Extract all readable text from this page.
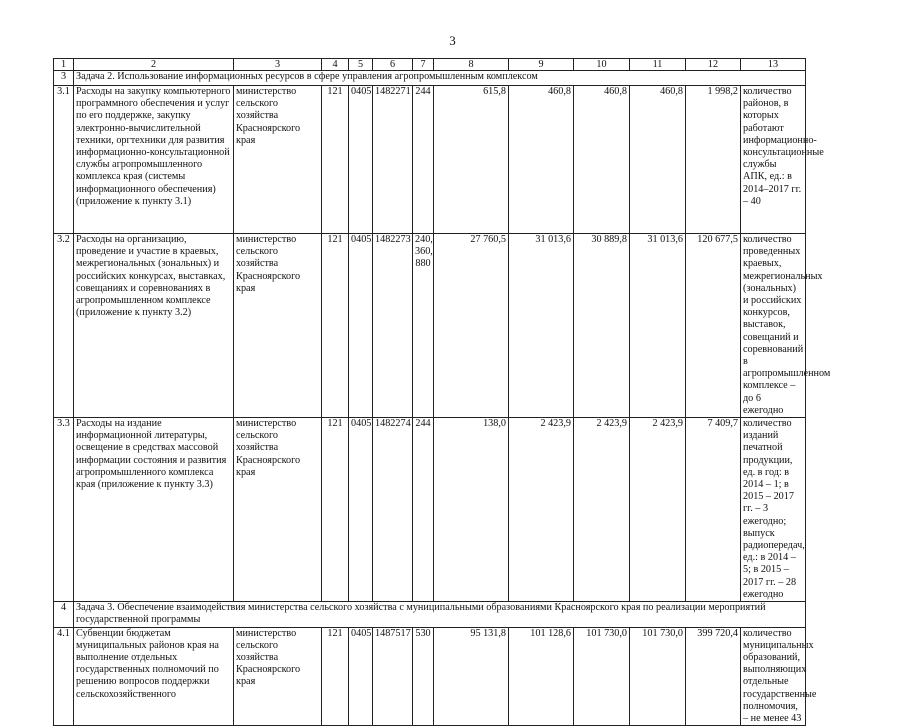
3
1	2	3	4	5	6	7	8	9	10	11	12	13
3	Задача 2. Использование информационных ресурсов в сфере управления агропромышленным комплексом											
3.1	Расходы на закупку компьютерного программного обеспечения и услуг по его поддержке, закупку электронно-вычислительной техники, оргтехники для развития информационно-консультационной службы агропромышленного комплекса края (системы информационного обеспечения) (приложение к пункту 3.1)	министерство сельского хозяйства Красноярского края	121	0405	1482271	244	615,8	460,8	460,8	460,8	1 998,2	количество районов, в которых работают информационно-консультационные службы АПК, ед.: в 2014–2017 гг. – 40
3.2	Расходы на организацию, проведение и участие в краевых, межрегиональных (зональных) и российских конкурсах, выставках, совещаниях и соревнованиях в агропромышленном комплексе (приложение к пункту 3.2)	министерство сельского хозяйства Красноярского края	121	0405	1482273	240, 360, 880	27 760,5	31 013,6	30 889,8	31 013,6	120 677,5	количество проведенных краевых, межрегиональных (зональных) и российских конкурсов, выставок, совещаний и соревнований в агропромышленном комплексе – до 6 ежегодно
3.3	Расходы на издание информационной литературы, освещение в средствах массовой информации состояния и развития агропромышленного комплекса края (приложение к пункту 3.3)	министерство сельского хозяйства Красноярского края	121	0405	1482274	244	138,0	2 423,9	2 423,9	2 423,9	7 409,7	количество изданий печатной продукции, ед. в год: в 2014 – 1; в 2015 – 2017 гг. – 3 ежегодно; выпуск радиопередач, ед.: в 2014 – 5; в 2015 – 2017 гг. – 28 ежегодно
4	Задача 3. Обеспечение взаимодействия министерства сельского хозяйства с муниципальными образованиями Красноярского края по реализации мероприятий государственной программы											
4.1	Субвенции бюджетам муниципальных районов края на выполнение отдельных государственных полномочий по решению вопросов поддержки сельскохозяйственного	министерство сельского хозяйства Красноярского края	121	0405	1487517	530	95 131,8	101 128,6	101 730,0	101 730,0	399 720,4	количество муниципальных образований, выполняющих отдельные государственные полномочия, – не менее 43
